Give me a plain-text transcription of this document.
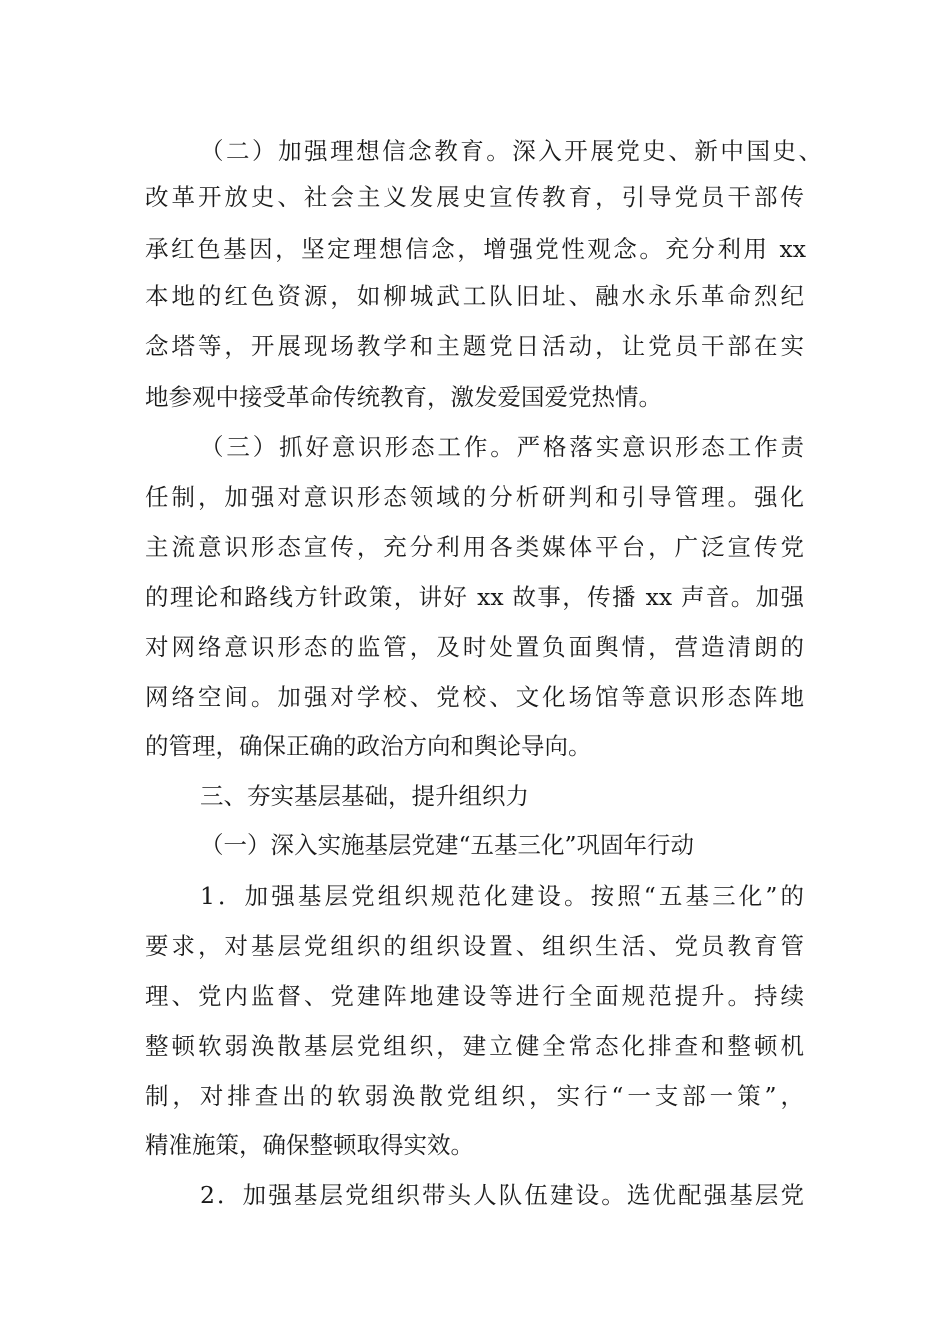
（二）加强理想信念教育。深入开展党史、新中国史、
改革开放史、社会主义发展史宣传教育，引导党员干部传
承红色基因，坚定理想信念，增强党性观念。充分利用 xx
本地的红色资源，如柳城武工队旧址、融水永乐革命烈纪
念塔等，开展现场教学和主题党日活动，让党员干部在实
地参观中接受革命传统教育，激发爱国爱党热情。
（三）抓好意识形态工作。严格落实意识形态工作责
任制，加强对意识形态领域的分析研判和引导管理。强化
主流意识形态宣传，充分利用各类媒体平台，广泛宣传党
的理论和路线方针政策，讲好 xx 故事，传播 xx 声音。加强
对网络意识形态的监管，及时处置负面舆情，营造清朗的
网络空间。加强对学校、党校、文化场馆等意识形态阵地
的管理，确保正确的政治方向和舆论导向。
三、夯实基层基础，提升组织力
（一）深入实施基层党建“五基三化”巩固年行动
1．加强基层党组织规范化建设。按照“五基三化”的
要求，对基层党组织的组织设置、组织生活、党员教育管
理、党内监督、党建阵地建设等进行全面规范提升。持续
整顿软弱涣散基层党组织，建立健全常态化排查和整顿机
制，对排查出的软弱涣散党组织，实行“一支部一策”，
精准施策，确保整顿取得实效。
2．加强基层党组织带头人队伍建设。选优配强基层党
